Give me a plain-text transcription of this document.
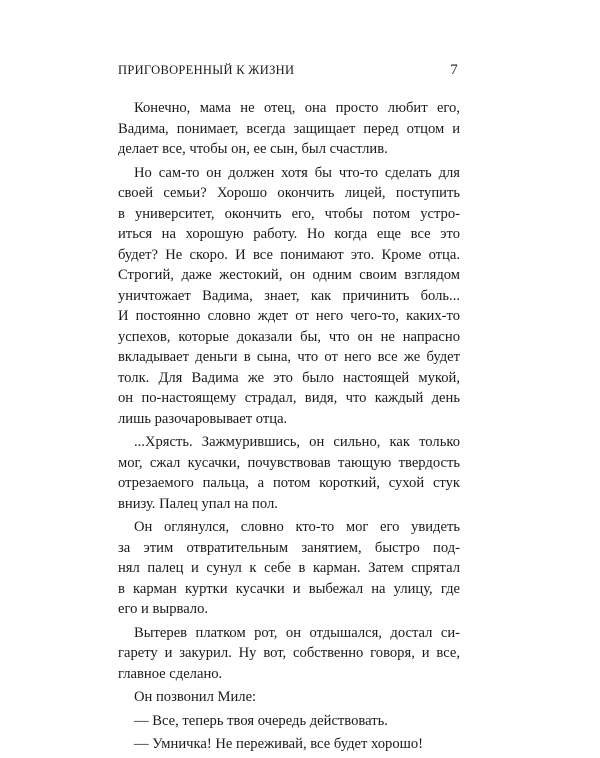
ПРИГОВОРЕННЫЙ К ЖИЗНИ	7
Конечно, мама не отец, она просто любит его,
Вадима, понимает, всегда защищает перед отцом и
делает все, чтобы он, ее сын, был счастлив.
Но сам-то он должен хотя бы что-то сделать для
своей семьи? Хорошо окончить лицей, поступить
в университет, окончить его, чтобы потом устро-
иться на хорошую работу. Но когда еще все это
будет? Не скоро. И все понимают это. Кроме отца.
Строгий, даже жестокий, он одним своим взглядом
уничтожает Вадима, знает, как причинить боль...
И постоянно словно ждет от него чего-то, каких-то
успехов, которые доказали бы, что он не напрасно
вкладывает деньги в сына, что от него все же будет
толк. Для Вадима же это было настоящей мукой,
он по-настоящему страдал, видя, что каждый день
лишь разочаровывает отца.
...Хрясть. Зажмурившись, он сильно, как только
мог, сжал кусачки, почувствовав тающую твердость
отрезаемого пальца, а потом короткий, сухой стук
внизу. Палец упал на пол.
Он оглянулся, словно кто-то мог его увидеть
за этим отвратительным занятием, быстро под-
нял палец и сунул к себе в карман. Затем спрятал
в карман куртки кусачки и выбежал на улицу, где
его и вырвало.
Вытерев платком рот, он отдышался, достал си-
гарету и закурил. Ну вот, собственно говоря, и все,
главное сделано.
Он позвонил Миле:
— Все, теперь твоя очередь действовать.
— Умничка! Не переживай, все будет хорошо!
